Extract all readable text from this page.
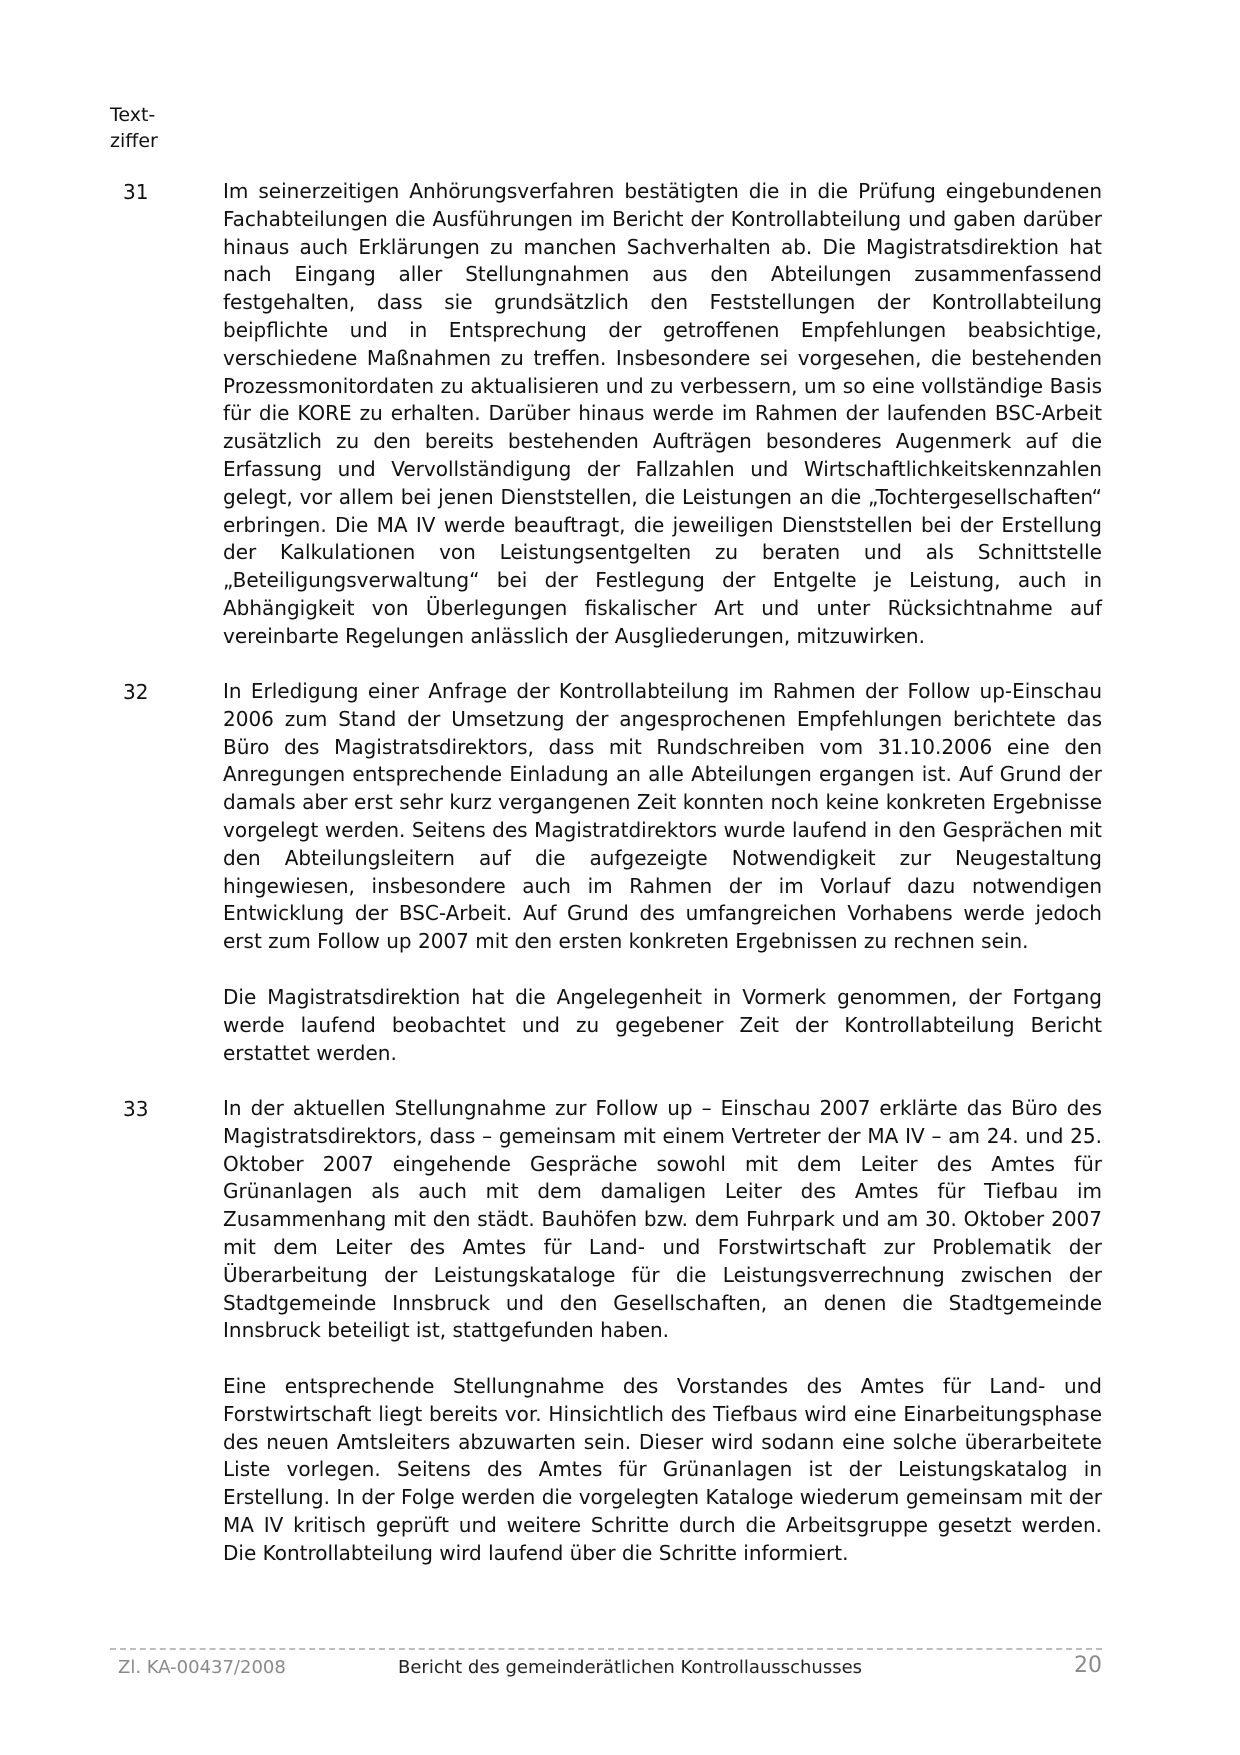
Text-
ziffer
31	Im seinerzeitigen Anhörungsverfahren bestätigten die in die Prüfung eingebundenen Fachabteilungen die Ausführungen im Bericht der Kontrollabteilung und gaben darüber hinaus auch Erklärungen zu manchen Sachverhalten ab. Die Magistratsdirektion hat nach Eingang aller Stellungnahmen aus den Abteilungen zusammenfassend festgehalten, dass sie grundsätzlich den Feststellungen der Kontrollabteilung beipflichte und in Entsprechung der getroffenen Empfehlungen beabsichtige, verschiedene Maßnahmen zu treffen. Insbesondere sei vorgesehen, die bestehenden Prozessmonitordaten zu aktualisieren und zu verbessern, um so eine vollständige Basis für die KORE zu erhalten. Darüber hinaus werde im Rahmen der laufenden BSC-Arbeit zusätzlich zu den bereits bestehenden Aufträgen besonderes Augenmerk auf die Erfassung und Vervollständigung der Fallzahlen und Wirtschaftlichkeitskennzahlen gelegt, vor allem bei jenen Dienststellen, die Leistungen an die „Tochtergesellschaften“ erbringen. Die MA IV werde beauftragt, die jeweiligen Dienststellen bei der Erstellung der Kalkulationen von Leistungsentgelten zu beraten und als Schnittstelle „Beteiligungsverwaltung“ bei der Festlegung der Entgelte je Leistung, auch in Abhängigkeit von Überlegungen fiskalischer Art und unter Rücksichtnahme auf vereinbarte Regelungen anlässlich der Ausgliederungen, mitzuwirken.

32	In Erledigung einer Anfrage der Kontrollabteilung im Rahmen der Follow up-Einschau 2006 zum Stand der Umsetzung der angesprochenen Empfehlungen berichtete das Büro des Magistratsdirektors, dass mit Rundschreiben vom 31.10.2006 eine den Anregungen entsprechende Einladung an alle Abteilungen ergangen ist. Auf Grund der damals aber erst sehr kurz vergangenen Zeit konnten noch keine konkreten Ergebnisse vorgelegt werden. Seitens des Magistratdirektors wurde laufend in den Gesprächen mit den Abteilungsleitern auf die aufgezeigte Notwendigkeit zur Neugestaltung hingewiesen, insbesondere auch im Rahmen der im Vorlauf dazu notwendigen Entwicklung der BSC-Arbeit. Auf Grund des umfangreichen Vorhabens werde jedoch erst zum Follow up 2007 mit den ersten konkreten Ergebnissen zu rechnen sein.

Die Magistratsdirektion hat die Angelegenheit in Vormerk genommen, der Fortgang werde laufend beobachtet und zu gegebener Zeit der Kontrollabteilung Bericht erstattet werden.

33	In der aktuellen Stellungnahme zur Follow up – Einschau 2007 erklärte das Büro des Magistratsdirektors, dass – gemeinsam mit einem Vertreter der MA IV – am 24. und 25. Oktober 2007 eingehende Gespräche sowohl mit dem Leiter des Amtes für Grünanlagen als auch mit dem damaligen Leiter des Amtes für Tiefbau im Zusammenhang mit den städt. Bauhöfen bzw. dem Fuhrpark und am 30. Oktober 2007 mit dem Leiter des Amtes für Land- und Forstwirtschaft zur Problematik der Überarbeitung der Leistungskataloge für die Leistungsverrechnung zwischen der Stadtgemeinde Innsbruck und den Gesellschaften, an denen die Stadtgemeinde Innsbruck beteiligt ist, stattgefunden haben.

Eine entsprechende Stellungnahme des Vorstandes des Amtes für Land- und Forstwirtschaft liegt bereits vor. Hinsichtlich des Tiefbaus wird eine Einarbeitungsphase des neuen Amtsleiters abzuwarten sein. Dieser wird sodann eine solche überarbeitete Liste vorlegen. Seitens des Amtes für Grünanlagen ist der Leistungskatalog in Erstellung. In der Folge werden die vorgelegten Kataloge wiederum gemeinsam mit der MA IV kritisch geprüft und weitere Schritte durch die Arbeitsgruppe gesetzt werden. Die Kontrollabteilung wird laufend über die Schritte informiert.

Zl. KA-00437/2008	Bericht des gemeinderätlichen Kontrollausschusses	20
